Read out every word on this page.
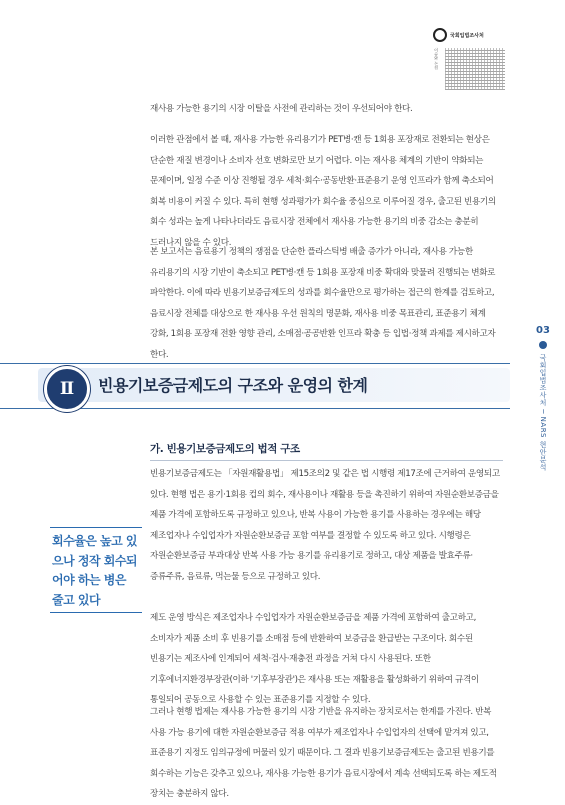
국회입법조사처
이슈와 논점

재사용 가능한 용기의 시장 이탈을 사전에 관리하는 것이 우선되어야 한다.

이러한 관점에서 볼 때, 재사용 가능한 유리용기가 PET병·캔 등 1회용 포장재로 전환되는 현상은 단순한 재질 변경이나 소비자 선호 변화로만 보기 어렵다. 이는 재사용 체계의 기반이 약화되는 문제이며, 일정 수준 이상 진행될 경우 세척·회수·공동반환·표준용기 운영 인프라가 함께 축소되어 회복 비용이 커질 수 있다. 특히 현행 성과평가가 회수율 중심으로 이루어질 경우, 출고된 빈용기의 회수 성과는 높게 나타나더라도 음료시장 전체에서 재사용 가능한 용기의 비중 감소는 충분히 드러나지 않을 수 있다.

본 보고서는 음료용기 정책의 쟁점을 단순한 플라스틱병 배출 증가가 아니라, 재사용 가능한 유리용기의 시장 기반이 축소되고 PET병·캔 등 1회용 포장재 비중 확대와 맞물려 진행되는 변화로 파악한다. 이에 따라 빈용기보증금제도의 성과를 회수율만으로 평가하는 접근의 한계를 검토하고, 음료시장 전체를 대상으로 한 재사용 우선 원칙의 명문화, 재사용 비중 목표관리, 표준용기 체계 강화, 1회용 포장재 전환 영향 관리, 소매점·공공반환 인프라 확충 등 입법·정책 과제를 제시하고자 한다.

Ⅱ	빈용기보증금제도의 구조와 운영의 한계
가. 빈용기보증금제도의 법적 구조

빈용기보증금제도는 「자원재활용법」 제15조의2 및 같은 법 시행령 제17조에 근거하여 운영되고 있다. 현행 법은 용기·1회용 컵의 회수, 재사용이나 재활용 등을 촉진하기 위하여 자원순환보증금을 제품 가격에 포함하도록 규정하고 있으나, 반복 사용이 가능한 용기를 사용하는 경우에는 해당 제조업자나 수입업자가 자원순환보증금 포함 여부를 결정할 수 있도록 하고 있다. 시행령은 자원순환보증금 부과대상 반복 사용 가능 용기를 유리용기로 정하고, 대상 제품을 발효주류·증류주류, 음료류, 먹는물 등으로 규정하고 있다.

제도 운영 방식은 제조업자나 수입업자가 자원순환보증금을 제품 가격에 포함하여 출고하고, 소비자가 제품 소비 후 빈용기를 소매점 등에 반환하여 보증금을 환급받는 구조이다. 회수된 빈용기는 제조사에 인계되어 세척·검사·재충전 과정을 거쳐 다시 사용된다. 또한 기후에너지환경부장관(이하 '기후부장관')은 재사용 또는 재활용을 활성화하기 위하여 규격이 통일되어 공동으로 사용할 수 있는 표준용기를 지정할 수 있다.

그러나 현행 법제는 재사용 가능한 용기의 시장 기반을 유지하는 장치로서는 한계를 가진다. 반복 사용 가능 용기에 대한 자원순환보증금 적용 여부가 제조업자나 수입업자의 선택에 맡겨져 있고, 표준용기 지정도 임의규정에 머물러 있기 때문이다. 그 결과 빈용기보증금제도는 출고된 빈용기를 회수하는 기능은 갖추고 있으나, 재사용 가능한 용기가 음료시장에서 계속 선택되도록 하는 제도적 장치는 충분하지 않다.

회수율은 높고 있으나 정작 회수되어야 하는 병은 줄고 있다
03
국회입법조사처 ─ NARS 현안분석
